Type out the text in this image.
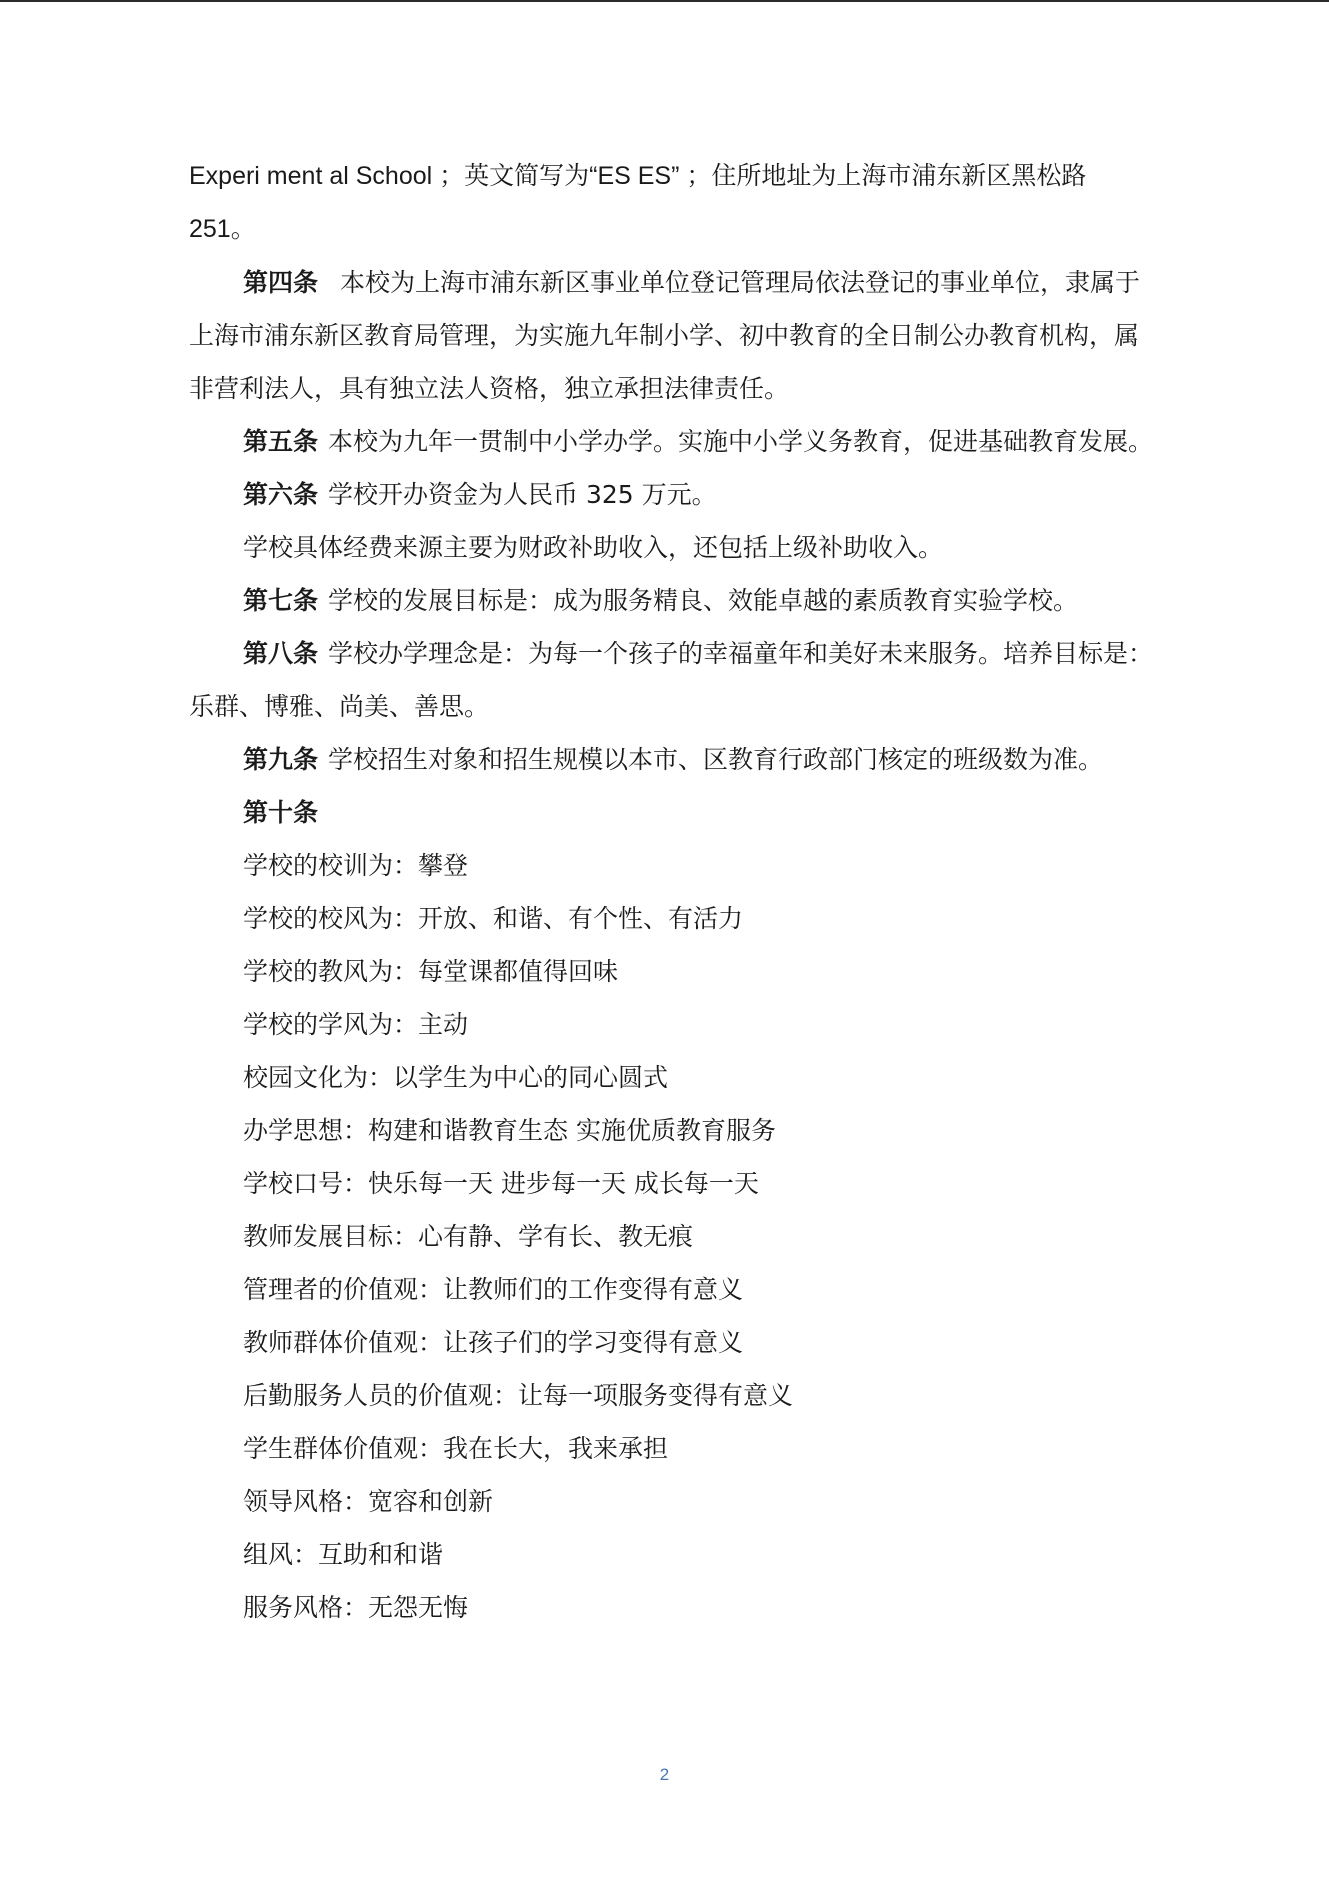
Experi ment al School ；英文简写为“ES ES” ；住所地址为上海市浦东新区黑松路

251。

第四条 本校为上海市浦东新区事业单位登记管理局依法登记的事业单位，隶属于

上海市浦东新区教育局管理，为实施九年制小学、初中教育的全日制公办教育机构，属

非营利法人，具有独立法人资格，独立承担法律责任。

第五条 本校为九年一贯制中小学办学。实施中小学义务教育，促进基础教育发展。

第六条 学校开办资金为人民币 325 万元。

学校具体经费来源主要为财政补助收入，还包括上级补助收入。

第七条 学校的发展目标是：成为服务精良、效能卓越的素质教育实验学校。

第八条 学校办学理念是：为每一个孩子的幸福童年和美好未来服务。培养目标是：

乐群、博雅、尚美、善思。

第九条 学校招生对象和招生规模以本市、区教育行政部门核定的班级数为准。

第十条

学校的校训为：攀登

学校的校风为：开放、和谐、有个性、有活力

学校的教风为：每堂课都值得回味

学校的学风为：主动

校园文化为：以学生为中心的同心圆式

办学思想：构建和谐教育生态 实施优质教育服务

学校口号：快乐每一天 进步每一天 成长每一天

教师发展目标：心有静、学有长、教无痕

管理者的价值观：让教师们的工作变得有意义

教师群体价值观：让孩子们的学习变得有意义

后勤服务人员的价值观：让每一项服务变得有意义

学生群体价值观：我在长大，我来承担

领导风格：宽容和创新

组风：互助和和谐

服务风格：无怨无悔

2
